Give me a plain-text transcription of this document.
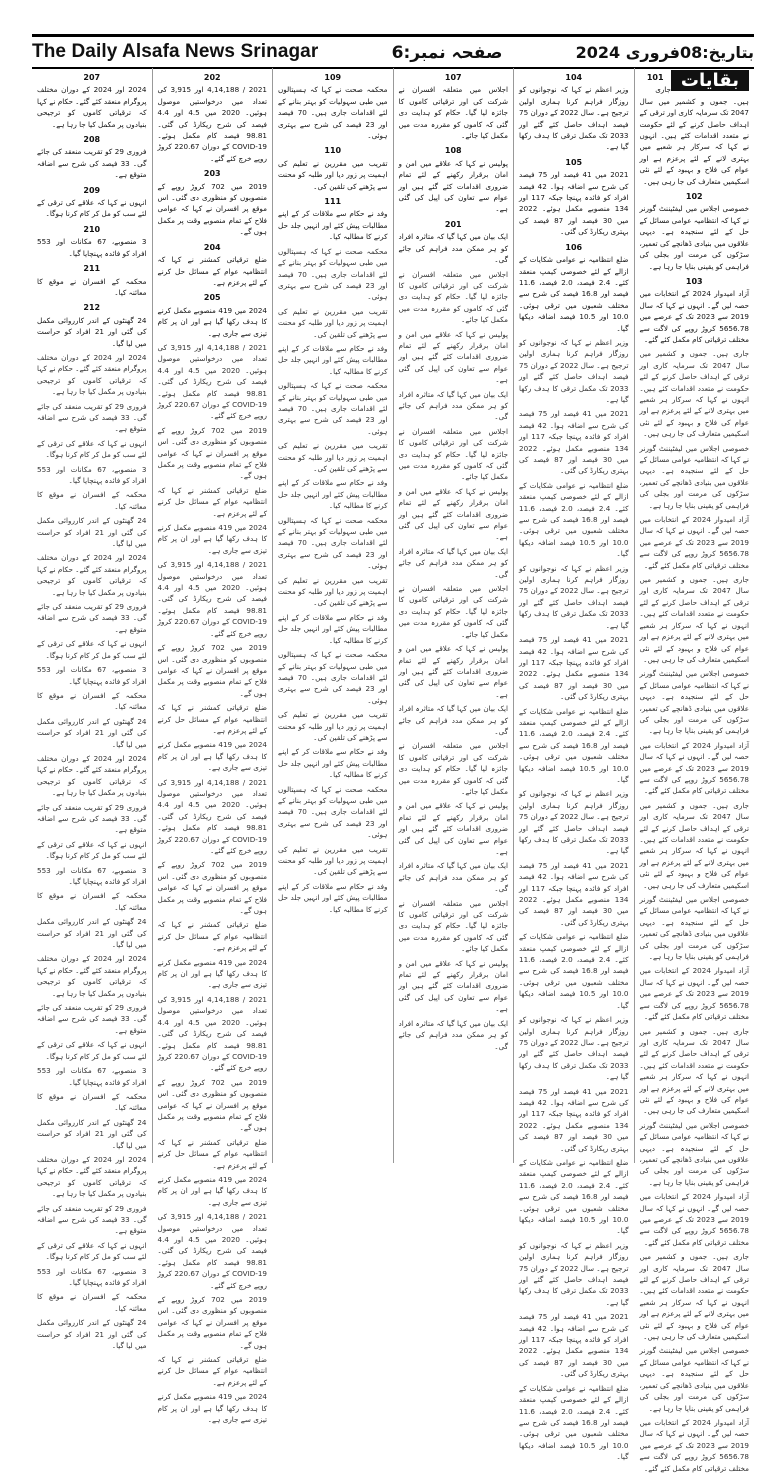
The Daily Alsafa News Srinagar	صفحہ نمبر:6	بتاریخ:08فروری 2024
بقایات
101

جاری ہیں۔ جموں و کشمیر میں سال 2047 تک سرمایہ کاری اور ترقی کے اہداف حاصل کرنے کے لئے حکومت نے متعدد اقدامات کئے ہیں۔ انہوں نے کہا کہ سرکار ہر شعبے میں بہتری لانے کے لئے پرعزم ہے اور عوام کی فلاح و بہبود کے لئے نئی اسکیمیں متعارف کی جا رہی ہیں۔

102

خصوصی اجلاس میں لیفٹیننٹ گورنر نے کہا کہ انتظامیہ عوامی مسائل کے حل کے لئے سنجیدہ ہے۔ دیہی علاقوں میں بنیادی ڈھانچے کی تعمیر، سڑکوں کی مرمت اور بجلی کی فراہمی کو یقینی بنایا جا رہا ہے۔

103

آزاد امیدوار 2024 کے انتخابات میں حصہ لیں گے۔ انہوں نے کہا کہ سال 2019 سے 2023 تک کے عرصے میں 5656.78 کروڑ روپے کی لاگت سے مختلف ترقیاتی کام مکمل کئے گئے۔

جاری ہیں۔ جموں و کشمیر میں سال 2047 تک سرمایہ کاری اور ترقی کے اہداف حاصل کرنے کے لئے حکومت نے متعدد اقدامات کئے ہیں۔ انہوں نے کہا کہ سرکار ہر شعبے میں بہتری لانے کے لئے پرعزم ہے اور عوام کی فلاح و بہبود کے لئے نئی اسکیمیں متعارف کی جا رہی ہیں۔

خصوصی اجلاس میں لیفٹیننٹ گورنر نے کہا کہ انتظامیہ عوامی مسائل کے حل کے لئے سنجیدہ ہے۔ دیہی علاقوں میں بنیادی ڈھانچے کی تعمیر، سڑکوں کی مرمت اور بجلی کی فراہمی کو یقینی بنایا جا رہا ہے۔

آزاد امیدوار 2024 کے انتخابات میں حصہ لیں گے۔ انہوں نے کہا کہ سال 2019 سے 2023 تک کے عرصے میں 5656.78 کروڑ روپے کی لاگت سے مختلف ترقیاتی کام مکمل کئے گئے۔

جاری ہیں۔ جموں و کشمیر میں سال 2047 تک سرمایہ کاری اور ترقی کے اہداف حاصل کرنے کے لئے حکومت نے متعدد اقدامات کئے ہیں۔ انہوں نے کہا کہ سرکار ہر شعبے میں بہتری لانے کے لئے پرعزم ہے اور عوام کی فلاح و بہبود کے لئے نئی اسکیمیں متعارف کی جا رہی ہیں۔

خصوصی اجلاس میں لیفٹیننٹ گورنر نے کہا کہ انتظامیہ عوامی مسائل کے حل کے لئے سنجیدہ ہے۔ دیہی علاقوں میں بنیادی ڈھانچے کی تعمیر، سڑکوں کی مرمت اور بجلی کی فراہمی کو یقینی بنایا جا رہا ہے۔

آزاد امیدوار 2024 کے انتخابات میں حصہ لیں گے۔ انہوں نے کہا کہ سال 2019 سے 2023 تک کے عرصے میں 5656.78 کروڑ روپے کی لاگت سے مختلف ترقیاتی کام مکمل کئے گئے۔

جاری ہیں۔ جموں و کشمیر میں سال 2047 تک سرمایہ کاری اور ترقی کے اہداف حاصل کرنے کے لئے حکومت نے متعدد اقدامات کئے ہیں۔ انہوں نے کہا کہ سرکار ہر شعبے میں بہتری لانے کے لئے پرعزم ہے اور عوام کی فلاح و بہبود کے لئے نئی اسکیمیں متعارف کی جا رہی ہیں۔

خصوصی اجلاس میں لیفٹیننٹ گورنر نے کہا کہ انتظامیہ عوامی مسائل کے حل کے لئے سنجیدہ ہے۔ دیہی علاقوں میں بنیادی ڈھانچے کی تعمیر، سڑکوں کی مرمت اور بجلی کی فراہمی کو یقینی بنایا جا رہا ہے۔

آزاد امیدوار 2024 کے انتخابات میں حصہ لیں گے۔ انہوں نے کہا کہ سال 2019 سے 2023 تک کے عرصے میں 5656.78 کروڑ روپے کی لاگت سے مختلف ترقیاتی کام مکمل کئے گئے۔

جاری ہیں۔ جموں و کشمیر میں سال 2047 تک سرمایہ کاری اور ترقی کے اہداف حاصل کرنے کے لئے حکومت نے متعدد اقدامات کئے ہیں۔ انہوں نے کہا کہ سرکار ہر شعبے میں بہتری لانے کے لئے پرعزم ہے اور عوام کی فلاح و بہبود کے لئے نئی اسکیمیں متعارف کی جا رہی ہیں۔

خصوصی اجلاس میں لیفٹیننٹ گورنر نے کہا کہ انتظامیہ عوامی مسائل کے حل کے لئے سنجیدہ ہے۔ دیہی علاقوں میں بنیادی ڈھانچے کی تعمیر، سڑکوں کی مرمت اور بجلی کی فراہمی کو یقینی بنایا جا رہا ہے۔

آزاد امیدوار 2024 کے انتخابات میں حصہ لیں گے۔ انہوں نے کہا کہ سال 2019 سے 2023 تک کے عرصے میں 5656.78 کروڑ روپے کی لاگت سے مختلف ترقیاتی کام مکمل کئے گئے۔

جاری ہیں۔ جموں و کشمیر میں سال 2047 تک سرمایہ کاری اور ترقی کے اہداف حاصل کرنے کے لئے حکومت نے متعدد اقدامات کئے ہیں۔ انہوں نے کہا کہ سرکار ہر شعبے میں بہتری لانے کے لئے پرعزم ہے اور عوام کی فلاح و بہبود کے لئے نئی اسکیمیں متعارف کی جا رہی ہیں۔

خصوصی اجلاس میں لیفٹیننٹ گورنر نے کہا کہ انتظامیہ عوامی مسائل کے حل کے لئے سنجیدہ ہے۔ دیہی علاقوں میں بنیادی ڈھانچے کی تعمیر، سڑکوں کی مرمت اور بجلی کی فراہمی کو یقینی بنایا جا رہا ہے۔

آزاد امیدوار 2024 کے انتخابات میں حصہ لیں گے۔ انہوں نے کہا کہ سال 2019 سے 2023 تک کے عرصے میں 5656.78 کروڑ روپے کی لاگت سے مختلف ترقیاتی کام مکمل کئے گئے۔

104

وزیر اعظم نے کہا کہ نوجوانوں کو روزگار فراہم کرنا ہماری اولین ترجیح ہے۔ سال 2022 کے دوران 75 فیصد اہداف حاصل کئے گئے اور 2033 تک مکمل ترقی کا ہدف رکھا گیا ہے۔

105

2021 میں 41 فیصد اور 75 فیصد کی شرح سے اضافہ ہوا۔ 42 فیصد افراد کو فائدہ پہنچا جبکہ 117 اور 134 منصوبے مکمل ہوئے۔ 2022 میں 30 فیصد اور 87 فیصد کی بہتری ریکارڈ کی گئی۔

106

ضلع انتظامیہ نے عوامی شکایات کے ازالے کے لئے خصوصی کیمپ منعقد کئے۔ 2.4 فیصد، 2.0 فیصد، 11.6 فیصد اور 16.8 فیصد کی شرح سے مختلف شعبوں میں ترقی ہوئی۔ 10.0 اور 10.5 فیصد اضافہ دیکھا گیا۔

وزیر اعظم نے کہا کہ نوجوانوں کو روزگار فراہم کرنا ہماری اولین ترجیح ہے۔ سال 2022 کے دوران 75 فیصد اہداف حاصل کئے گئے اور 2033 تک مکمل ترقی کا ہدف رکھا گیا ہے۔

2021 میں 41 فیصد اور 75 فیصد کی شرح سے اضافہ ہوا۔ 42 فیصد افراد کو فائدہ پہنچا جبکہ 117 اور 134 منصوبے مکمل ہوئے۔ 2022 میں 30 فیصد اور 87 فیصد کی بہتری ریکارڈ کی گئی۔

ضلع انتظامیہ نے عوامی شکایات کے ازالے کے لئے خصوصی کیمپ منعقد کئے۔ 2.4 فیصد، 2.0 فیصد، 11.6 فیصد اور 16.8 فیصد کی شرح سے مختلف شعبوں میں ترقی ہوئی۔ 10.0 اور 10.5 فیصد اضافہ دیکھا گیا۔

وزیر اعظم نے کہا کہ نوجوانوں کو روزگار فراہم کرنا ہماری اولین ترجیح ہے۔ سال 2022 کے دوران 75 فیصد اہداف حاصل کئے گئے اور 2033 تک مکمل ترقی کا ہدف رکھا گیا ہے۔

2021 میں 41 فیصد اور 75 فیصد کی شرح سے اضافہ ہوا۔ 42 فیصد افراد کو فائدہ پہنچا جبکہ 117 اور 134 منصوبے مکمل ہوئے۔ 2022 میں 30 فیصد اور 87 فیصد کی بہتری ریکارڈ کی گئی۔

ضلع انتظامیہ نے عوامی شکایات کے ازالے کے لئے خصوصی کیمپ منعقد کئے۔ 2.4 فیصد، 2.0 فیصد، 11.6 فیصد اور 16.8 فیصد کی شرح سے مختلف شعبوں میں ترقی ہوئی۔ 10.0 اور 10.5 فیصد اضافہ دیکھا گیا۔

وزیر اعظم نے کہا کہ نوجوانوں کو روزگار فراہم کرنا ہماری اولین ترجیح ہے۔ سال 2022 کے دوران 75 فیصد اہداف حاصل کئے گئے اور 2033 تک مکمل ترقی کا ہدف رکھا گیا ہے۔

2021 میں 41 فیصد اور 75 فیصد کی شرح سے اضافہ ہوا۔ 42 فیصد افراد کو فائدہ پہنچا جبکہ 117 اور 134 منصوبے مکمل ہوئے۔ 2022 میں 30 فیصد اور 87 فیصد کی بہتری ریکارڈ کی گئی۔

ضلع انتظامیہ نے عوامی شکایات کے ازالے کے لئے خصوصی کیمپ منعقد کئے۔ 2.4 فیصد، 2.0 فیصد، 11.6 فیصد اور 16.8 فیصد کی شرح سے مختلف شعبوں میں ترقی ہوئی۔ 10.0 اور 10.5 فیصد اضافہ دیکھا گیا۔

وزیر اعظم نے کہا کہ نوجوانوں کو روزگار فراہم کرنا ہماری اولین ترجیح ہے۔ سال 2022 کے دوران 75 فیصد اہداف حاصل کئے گئے اور 2033 تک مکمل ترقی کا ہدف رکھا گیا ہے۔

2021 میں 41 فیصد اور 75 فیصد کی شرح سے اضافہ ہوا۔ 42 فیصد افراد کو فائدہ پہنچا جبکہ 117 اور 134 منصوبے مکمل ہوئے۔ 2022 میں 30 فیصد اور 87 فیصد کی بہتری ریکارڈ کی گئی۔

ضلع انتظامیہ نے عوامی شکایات کے ازالے کے لئے خصوصی کیمپ منعقد کئے۔ 2.4 فیصد، 2.0 فیصد، 11.6 فیصد اور 16.8 فیصد کی شرح سے مختلف شعبوں میں ترقی ہوئی۔ 10.0 اور 10.5 فیصد اضافہ دیکھا گیا۔

وزیر اعظم نے کہا کہ نوجوانوں کو روزگار فراہم کرنا ہماری اولین ترجیح ہے۔ سال 2022 کے دوران 75 فیصد اہداف حاصل کئے گئے اور 2033 تک مکمل ترقی کا ہدف رکھا گیا ہے۔

2021 میں 41 فیصد اور 75 فیصد کی شرح سے اضافہ ہوا۔ 42 فیصد افراد کو فائدہ پہنچا جبکہ 117 اور 134 منصوبے مکمل ہوئے۔ 2022 میں 30 فیصد اور 87 فیصد کی بہتری ریکارڈ کی گئی۔

ضلع انتظامیہ نے عوامی شکایات کے ازالے کے لئے خصوصی کیمپ منعقد کئے۔ 2.4 فیصد، 2.0 فیصد، 11.6 فیصد اور 16.8 فیصد کی شرح سے مختلف شعبوں میں ترقی ہوئی۔ 10.0 اور 10.5 فیصد اضافہ دیکھا گیا۔

107

اجلاس میں متعلقہ افسران نے شرکت کی اور ترقیاتی کاموں کا جائزہ لیا گیا۔ حکام کو ہدایت دی گئی کہ کاموں کو مقررہ مدت میں مکمل کیا جائے۔

108

پولیس نے کہا کہ علاقے میں امن و امان برقرار رکھنے کے لئے تمام ضروری اقدامات کئے گئے ہیں اور عوام سے تعاون کی اپیل کی گئی ہے۔

201

ایک بیان میں کہا گیا کہ متاثرہ افراد کو ہر ممکن مدد فراہم کی جائے گی۔

اجلاس میں متعلقہ افسران نے شرکت کی اور ترقیاتی کاموں کا جائزہ لیا گیا۔ حکام کو ہدایت دی گئی کہ کاموں کو مقررہ مدت میں مکمل کیا جائے۔

پولیس نے کہا کہ علاقے میں امن و امان برقرار رکھنے کے لئے تمام ضروری اقدامات کئے گئے ہیں اور عوام سے تعاون کی اپیل کی گئی ہے۔

ایک بیان میں کہا گیا کہ متاثرہ افراد کو ہر ممکن مدد فراہم کی جائے گی۔

اجلاس میں متعلقہ افسران نے شرکت کی اور ترقیاتی کاموں کا جائزہ لیا گیا۔ حکام کو ہدایت دی گئی کہ کاموں کو مقررہ مدت میں مکمل کیا جائے۔

پولیس نے کہا کہ علاقے میں امن و امان برقرار رکھنے کے لئے تمام ضروری اقدامات کئے گئے ہیں اور عوام سے تعاون کی اپیل کی گئی ہے۔

ایک بیان میں کہا گیا کہ متاثرہ افراد کو ہر ممکن مدد فراہم کی جائے گی۔

اجلاس میں متعلقہ افسران نے شرکت کی اور ترقیاتی کاموں کا جائزہ لیا گیا۔ حکام کو ہدایت دی گئی کہ کاموں کو مقررہ مدت میں مکمل کیا جائے۔

پولیس نے کہا کہ علاقے میں امن و امان برقرار رکھنے کے لئے تمام ضروری اقدامات کئے گئے ہیں اور عوام سے تعاون کی اپیل کی گئی ہے۔

ایک بیان میں کہا گیا کہ متاثرہ افراد کو ہر ممکن مدد فراہم کی جائے گی۔

اجلاس میں متعلقہ افسران نے شرکت کی اور ترقیاتی کاموں کا جائزہ لیا گیا۔ حکام کو ہدایت دی گئی کہ کاموں کو مقررہ مدت میں مکمل کیا جائے۔

پولیس نے کہا کہ علاقے میں امن و امان برقرار رکھنے کے لئے تمام ضروری اقدامات کئے گئے ہیں اور عوام سے تعاون کی اپیل کی گئی ہے۔

ایک بیان میں کہا گیا کہ متاثرہ افراد کو ہر ممکن مدد فراہم کی جائے گی۔

اجلاس میں متعلقہ افسران نے شرکت کی اور ترقیاتی کاموں کا جائزہ لیا گیا۔ حکام کو ہدایت دی گئی کہ کاموں کو مقررہ مدت میں مکمل کیا جائے۔

پولیس نے کہا کہ علاقے میں امن و امان برقرار رکھنے کے لئے تمام ضروری اقدامات کئے گئے ہیں اور عوام سے تعاون کی اپیل کی گئی ہے۔

ایک بیان میں کہا گیا کہ متاثرہ افراد کو ہر ممکن مدد فراہم کی جائے گی۔

109

محکمہ صحت نے کہا کہ ہسپتالوں میں طبی سہولیات کو بہتر بنانے کے لئے اقدامات جاری ہیں۔ 70 فیصد اور 23 فیصد کی شرح سے بہتری ہوئی۔

110

تقریب میں مقررین نے تعلیم کی اہمیت پر زور دیا اور طلبہ کو محنت سے پڑھنے کی تلقین کی۔

111

وفد نے حکام سے ملاقات کر کے اپنے مطالبات پیش کئے اور انہیں جلد حل کرنے کا مطالبہ کیا۔

محکمہ صحت نے کہا کہ ہسپتالوں میں طبی سہولیات کو بہتر بنانے کے لئے اقدامات جاری ہیں۔ 70 فیصد اور 23 فیصد کی شرح سے بہتری ہوئی۔

تقریب میں مقررین نے تعلیم کی اہمیت پر زور دیا اور طلبہ کو محنت سے پڑھنے کی تلقین کی۔

وفد نے حکام سے ملاقات کر کے اپنے مطالبات پیش کئے اور انہیں جلد حل کرنے کا مطالبہ کیا۔

محکمہ صحت نے کہا کہ ہسپتالوں میں طبی سہولیات کو بہتر بنانے کے لئے اقدامات جاری ہیں۔ 70 فیصد اور 23 فیصد کی شرح سے بہتری ہوئی۔

تقریب میں مقررین نے تعلیم کی اہمیت پر زور دیا اور طلبہ کو محنت سے پڑھنے کی تلقین کی۔

وفد نے حکام سے ملاقات کر کے اپنے مطالبات پیش کئے اور انہیں جلد حل کرنے کا مطالبہ کیا۔

محکمہ صحت نے کہا کہ ہسپتالوں میں طبی سہولیات کو بہتر بنانے کے لئے اقدامات جاری ہیں۔ 70 فیصد اور 23 فیصد کی شرح سے بہتری ہوئی۔

تقریب میں مقررین نے تعلیم کی اہمیت پر زور دیا اور طلبہ کو محنت سے پڑھنے کی تلقین کی۔

وفد نے حکام سے ملاقات کر کے اپنے مطالبات پیش کئے اور انہیں جلد حل کرنے کا مطالبہ کیا۔

محکمہ صحت نے کہا کہ ہسپتالوں میں طبی سہولیات کو بہتر بنانے کے لئے اقدامات جاری ہیں۔ 70 فیصد اور 23 فیصد کی شرح سے بہتری ہوئی۔

تقریب میں مقررین نے تعلیم کی اہمیت پر زور دیا اور طلبہ کو محنت سے پڑھنے کی تلقین کی۔

وفد نے حکام سے ملاقات کر کے اپنے مطالبات پیش کئے اور انہیں جلد حل کرنے کا مطالبہ کیا۔

محکمہ صحت نے کہا کہ ہسپتالوں میں طبی سہولیات کو بہتر بنانے کے لئے اقدامات جاری ہیں۔ 70 فیصد اور 23 فیصد کی شرح سے بہتری ہوئی۔

تقریب میں مقررین نے تعلیم کی اہمیت پر زور دیا اور طلبہ کو محنت سے پڑھنے کی تلقین کی۔

وفد نے حکام سے ملاقات کر کے اپنے مطالبات پیش کئے اور انہیں جلد حل کرنے کا مطالبہ کیا۔

202

2021 / 4,14,188 اور 3,915 کی تعداد میں درخواستیں موصول ہوئیں۔ 2020 میں 4.5 اور 4.4 فیصد کی شرح ریکارڈ کی گئی۔ 98.81 فیصد کام مکمل ہوئے۔ COVID-19 کے دوران 220.67 کروڑ روپے خرچ کئے گئے۔

203

2019 میں 702 کروڑ روپے کے منصوبوں کو منظوری دی گئی۔ اس موقع پر افسران نے کہا کہ عوامی فلاح کے تمام منصوبے وقت پر مکمل ہوں گے۔

204

ضلع ترقیاتی کمشنر نے کہا کہ انتظامیہ عوام کے مسائل حل کرنے کے لئے پرعزم ہے۔

205

2024 میں 419 منصوبے مکمل کرنے کا ہدف رکھا گیا ہے اور ان پر کام تیزی سے جاری ہے۔

2021 / 4,14,188 اور 3,915 کی تعداد میں درخواستیں موصول ہوئیں۔ 2020 میں 4.5 اور 4.4 فیصد کی شرح ریکارڈ کی گئی۔ 98.81 فیصد کام مکمل ہوئے۔ COVID-19 کے دوران 220.67 کروڑ روپے خرچ کئے گئے۔

2019 میں 702 کروڑ روپے کے منصوبوں کو منظوری دی گئی۔ اس موقع پر افسران نے کہا کہ عوامی فلاح کے تمام منصوبے وقت پر مکمل ہوں گے۔

ضلع ترقیاتی کمشنر نے کہا کہ انتظامیہ عوام کے مسائل حل کرنے کے لئے پرعزم ہے۔

2024 میں 419 منصوبے مکمل کرنے کا ہدف رکھا گیا ہے اور ان پر کام تیزی سے جاری ہے۔

2021 / 4,14,188 اور 3,915 کی تعداد میں درخواستیں موصول ہوئیں۔ 2020 میں 4.5 اور 4.4 فیصد کی شرح ریکارڈ کی گئی۔ 98.81 فیصد کام مکمل ہوئے۔ COVID-19 کے دوران 220.67 کروڑ روپے خرچ کئے گئے۔

2019 میں 702 کروڑ روپے کے منصوبوں کو منظوری دی گئی۔ اس موقع پر افسران نے کہا کہ عوامی فلاح کے تمام منصوبے وقت پر مکمل ہوں گے۔

ضلع ترقیاتی کمشنر نے کہا کہ انتظامیہ عوام کے مسائل حل کرنے کے لئے پرعزم ہے۔

2024 میں 419 منصوبے مکمل کرنے کا ہدف رکھا گیا ہے اور ان پر کام تیزی سے جاری ہے۔

2021 / 4,14,188 اور 3,915 کی تعداد میں درخواستیں موصول ہوئیں۔ 2020 میں 4.5 اور 4.4 فیصد کی شرح ریکارڈ کی گئی۔ 98.81 فیصد کام مکمل ہوئے۔ COVID-19 کے دوران 220.67 کروڑ روپے خرچ کئے گئے۔

2019 میں 702 کروڑ روپے کے منصوبوں کو منظوری دی گئی۔ اس موقع پر افسران نے کہا کہ عوامی فلاح کے تمام منصوبے وقت پر مکمل ہوں گے۔

ضلع ترقیاتی کمشنر نے کہا کہ انتظامیہ عوام کے مسائل حل کرنے کے لئے پرعزم ہے۔

2024 میں 419 منصوبے مکمل کرنے کا ہدف رکھا گیا ہے اور ان پر کام تیزی سے جاری ہے۔

2021 / 4,14,188 اور 3,915 کی تعداد میں درخواستیں موصول ہوئیں۔ 2020 میں 4.5 اور 4.4 فیصد کی شرح ریکارڈ کی گئی۔ 98.81 فیصد کام مکمل ہوئے۔ COVID-19 کے دوران 220.67 کروڑ روپے خرچ کئے گئے۔

2019 میں 702 کروڑ روپے کے منصوبوں کو منظوری دی گئی۔ اس موقع پر افسران نے کہا کہ عوامی فلاح کے تمام منصوبے وقت پر مکمل ہوں گے۔

ضلع ترقیاتی کمشنر نے کہا کہ انتظامیہ عوام کے مسائل حل کرنے کے لئے پرعزم ہے۔

2024 میں 419 منصوبے مکمل کرنے کا ہدف رکھا گیا ہے اور ان پر کام تیزی سے جاری ہے۔

2021 / 4,14,188 اور 3,915 کی تعداد میں درخواستیں موصول ہوئیں۔ 2020 میں 4.5 اور 4.4 فیصد کی شرح ریکارڈ کی گئی۔ 98.81 فیصد کام مکمل ہوئے۔ COVID-19 کے دوران 220.67 کروڑ روپے خرچ کئے گئے۔

2019 میں 702 کروڑ روپے کے منصوبوں کو منظوری دی گئی۔ اس موقع پر افسران نے کہا کہ عوامی فلاح کے تمام منصوبے وقت پر مکمل ہوں گے۔

ضلع ترقیاتی کمشنر نے کہا کہ انتظامیہ عوام کے مسائل حل کرنے کے لئے پرعزم ہے۔

2024 میں 419 منصوبے مکمل کرنے کا ہدف رکھا گیا ہے اور ان پر کام تیزی سے جاری ہے۔

207

2024 اور 2024 کے دوران مختلف پروگرام منعقد کئے گئے۔ حکام نے کہا کہ ترقیاتی کاموں کو ترجیحی بنیادوں پر مکمل کیا جا رہا ہے۔

208

فروری 29 کو تقریب منعقد کی جائے گی۔ 33 فیصد کی شرح سے اضافہ متوقع ہے۔

209

انہوں نے کہا کہ علاقے کی ترقی کے لئے سب کو مل کر کام کرنا ہوگا۔

210

3 منصوبے، 67 مکانات اور 553 افراد کو فائدہ پہنچایا گیا۔

211

محکمہ کے افسران نے موقع کا معائنہ کیا۔

212

24 گھنٹوں کے اندر کارروائی مکمل کی گئی اور 21 افراد کو حراست میں لیا گیا۔

2024 اور 2024 کے دوران مختلف پروگرام منعقد کئے گئے۔ حکام نے کہا کہ ترقیاتی کاموں کو ترجیحی بنیادوں پر مکمل کیا جا رہا ہے۔

فروری 29 کو تقریب منعقد کی جائے گی۔ 33 فیصد کی شرح سے اضافہ متوقع ہے۔

انہوں نے کہا کہ علاقے کی ترقی کے لئے سب کو مل کر کام کرنا ہوگا۔

3 منصوبے، 67 مکانات اور 553 افراد کو فائدہ پہنچایا گیا۔

محکمہ کے افسران نے موقع کا معائنہ کیا۔

24 گھنٹوں کے اندر کارروائی مکمل کی گئی اور 21 افراد کو حراست میں لیا گیا۔

2024 اور 2024 کے دوران مختلف پروگرام منعقد کئے گئے۔ حکام نے کہا کہ ترقیاتی کاموں کو ترجیحی بنیادوں پر مکمل کیا جا رہا ہے۔

فروری 29 کو تقریب منعقد کی جائے گی۔ 33 فیصد کی شرح سے اضافہ متوقع ہے۔

انہوں نے کہا کہ علاقے کی ترقی کے لئے سب کو مل کر کام کرنا ہوگا۔

3 منصوبے، 67 مکانات اور 553 افراد کو فائدہ پہنچایا گیا۔

محکمہ کے افسران نے موقع کا معائنہ کیا۔

24 گھنٹوں کے اندر کارروائی مکمل کی گئی اور 21 افراد کو حراست میں لیا گیا۔

2024 اور 2024 کے دوران مختلف پروگرام منعقد کئے گئے۔ حکام نے کہا کہ ترقیاتی کاموں کو ترجیحی بنیادوں پر مکمل کیا جا رہا ہے۔

فروری 29 کو تقریب منعقد کی جائے گی۔ 33 فیصد کی شرح سے اضافہ متوقع ہے۔

انہوں نے کہا کہ علاقے کی ترقی کے لئے سب کو مل کر کام کرنا ہوگا۔

3 منصوبے، 67 مکانات اور 553 افراد کو فائدہ پہنچایا گیا۔

محکمہ کے افسران نے موقع کا معائنہ کیا۔

24 گھنٹوں کے اندر کارروائی مکمل کی گئی اور 21 افراد کو حراست میں لیا گیا۔

2024 اور 2024 کے دوران مختلف پروگرام منعقد کئے گئے۔ حکام نے کہا کہ ترقیاتی کاموں کو ترجیحی بنیادوں پر مکمل کیا جا رہا ہے۔

فروری 29 کو تقریب منعقد کی جائے گی۔ 33 فیصد کی شرح سے اضافہ متوقع ہے۔

انہوں نے کہا کہ علاقے کی ترقی کے لئے سب کو مل کر کام کرنا ہوگا۔

3 منصوبے، 67 مکانات اور 553 افراد کو فائدہ پہنچایا گیا۔

محکمہ کے افسران نے موقع کا معائنہ کیا۔

24 گھنٹوں کے اندر کارروائی مکمل کی گئی اور 21 افراد کو حراست میں لیا گیا۔

2024 اور 2024 کے دوران مختلف پروگرام منعقد کئے گئے۔ حکام نے کہا کہ ترقیاتی کاموں کو ترجیحی بنیادوں پر مکمل کیا جا رہا ہے۔

فروری 29 کو تقریب منعقد کی جائے گی۔ 33 فیصد کی شرح سے اضافہ متوقع ہے۔

انہوں نے کہا کہ علاقے کی ترقی کے لئے سب کو مل کر کام کرنا ہوگا۔

3 منصوبے، 67 مکانات اور 553 افراد کو فائدہ پہنچایا گیا۔

محکمہ کے افسران نے موقع کا معائنہ کیا۔

24 گھنٹوں کے اندر کارروائی مکمل کی گئی اور 21 افراد کو حراست میں لیا گیا۔
